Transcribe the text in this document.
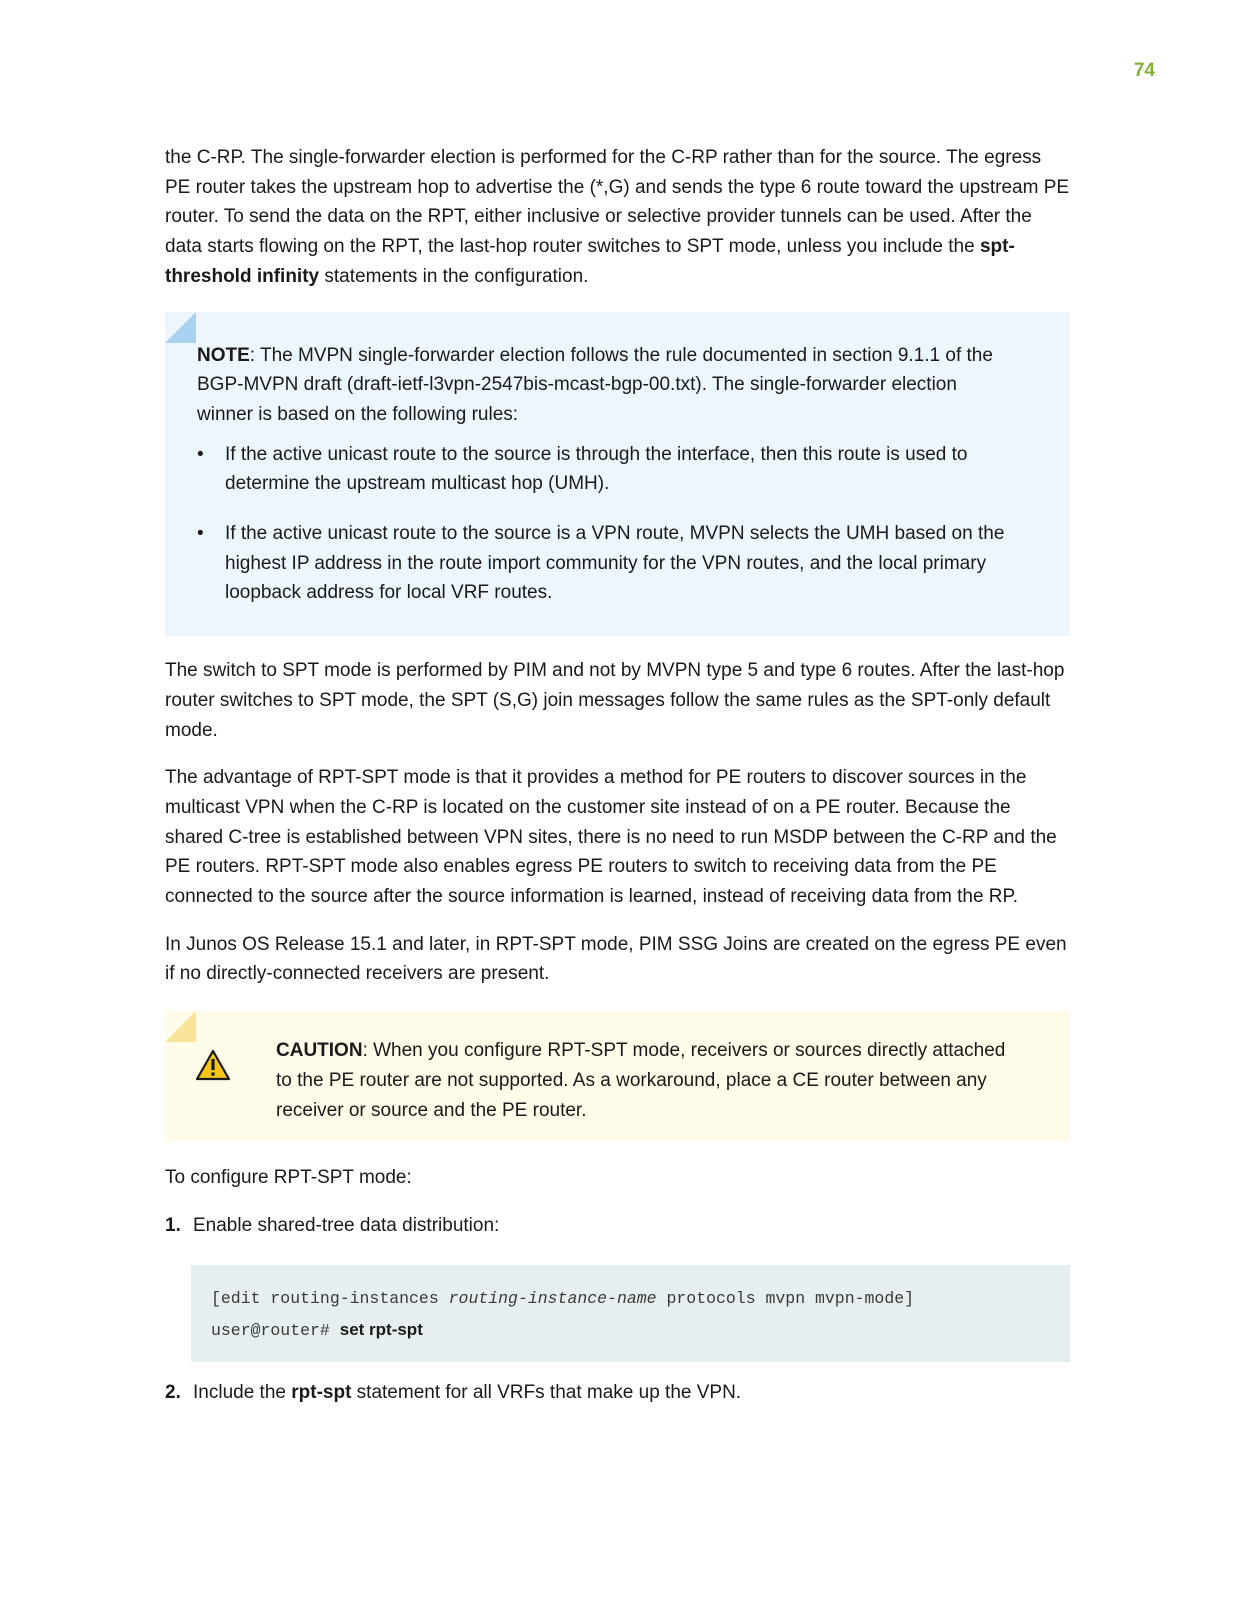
74

the C-RP. The single-forwarder election is performed for the C-RP rather than for the source. The egress PE router takes the upstream hop to advertise the (*,G) and sends the type 6 route toward the upstream PE router. To send the data on the RPT, either inclusive or selective provider tunnels can be used. After the data starts flowing on the RPT, the last-hop router switches to SPT mode, unless you include the spt-threshold infinity statements in the configuration.

NOTE: The MVPN single-forwarder election follows the rule documented in section 9.1.1 of the BGP-MVPN draft (draft-ietf-l3vpn-2547bis-mcast-bgp-00.txt). The single-forwarder election winner is based on the following rules:

• If the active unicast route to the source is through the interface, then this route is used to determine the upstream multicast hop (UMH).
• If the active unicast route to the source is a VPN route, MVPN selects the UMH based on the highest IP address in the route import community for the VPN routes, and the local primary loopback address for local VRF routes.

The switch to SPT mode is performed by PIM and not by MVPN type 5 and type 6 routes. After the last-hop router switches to SPT mode, the SPT (S,G) join messages follow the same rules as the SPT-only default mode.

The advantage of RPT-SPT mode is that it provides a method for PE routers to discover sources in the multicast VPN when the C-RP is located on the customer site instead of on a PE router. Because the shared C-tree is established between VPN sites, there is no need to run MSDP between the C-RP and the PE routers. RPT-SPT mode also enables egress PE routers to switch to receiving data from the PE connected to the source after the source information is learned, instead of receiving data from the RP.

In Junos OS Release 15.1 and later, in RPT-SPT mode, PIM SSG Joins are created on the egress PE even if no directly-connected receivers are present.

CAUTION: When you configure RPT-SPT mode, receivers or sources directly attached to the PE router are not supported. As a workaround, place a CE router between any receiver or source and the PE router.

To configure RPT-SPT mode:

1. Enable shared-tree data distribution:
[edit routing-instances routing-instance-name protocols mvpn mvpn-mode]
user@router# set rpt-spt
2. Include the rpt-spt statement for all VRFs that make up the VPN.
